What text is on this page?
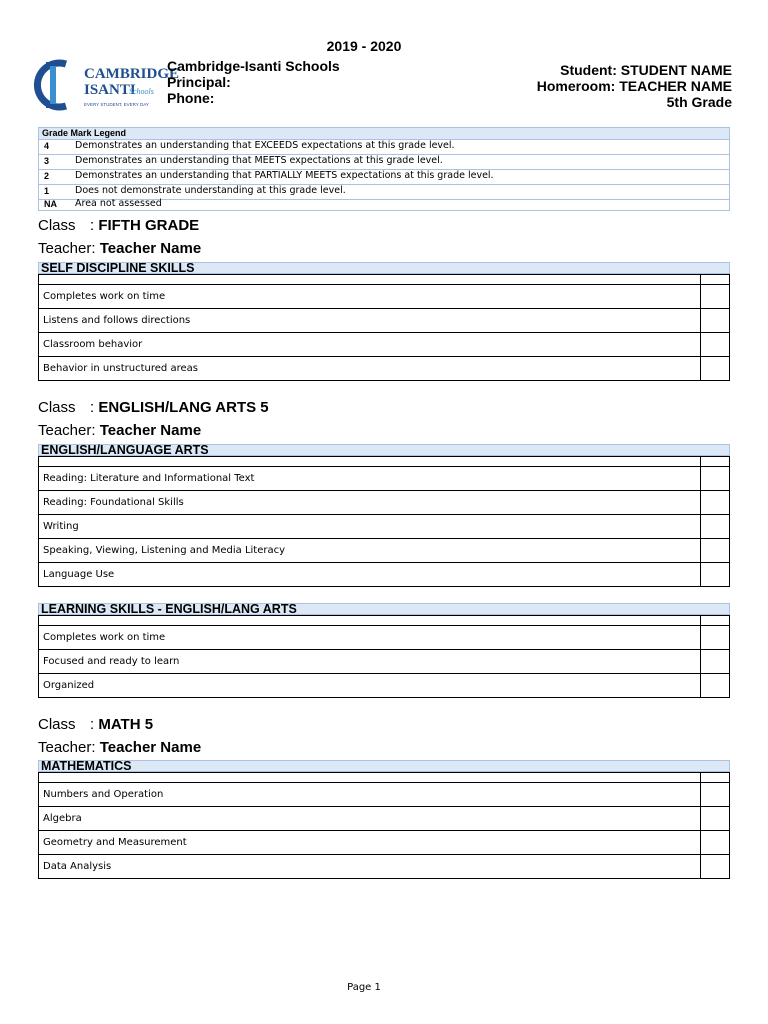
2019 - 2020
CAMBRIDGE
ISANTI
Schools
EVERY STUDENT, EVERY DAY
Cambridge-Isanti Schools
Principal:
Phone:
Student: STUDENT NAME
Homeroom: TEACHER NAME
5th Grade
Grade Mark Legend
4	Demonstrates an understanding that EXCEEDS expectations at this grade level.
3	Demonstrates an understanding that MEETS expectations at this grade level.
2	Demonstrates an understanding that PARTIALLY MEETS expectations at this grade level.
1	Does not demonstrate understanding at this grade level.
NA	Area not assessed
Class : FIFTH GRADE
Teacher: Teacher Name
SELF DISCIPLINE SKILLS

Completes work on time	
Listens and follows directions	
Classroom behavior	
Behavior in unstructured areas	
Class : ENGLISH/LANG ARTS 5
Teacher: Teacher Name
ENGLISH/LANGUAGE ARTS

Reading: Literature and Informational Text	
Reading: Foundational Skills	
Writing	
Speaking, Viewing, Listening and Media Literacy	
Language Use	
LEARNING SKILLS - ENGLISH/LANG ARTS

Completes work on time	
Focused and ready to learn	
Organized	
Class : MATH 5
Teacher: Teacher Name
MATHEMATICS

Numbers and Operation	
Algebra	
Geometry and Measurement	
Data Analysis	
Page 1
